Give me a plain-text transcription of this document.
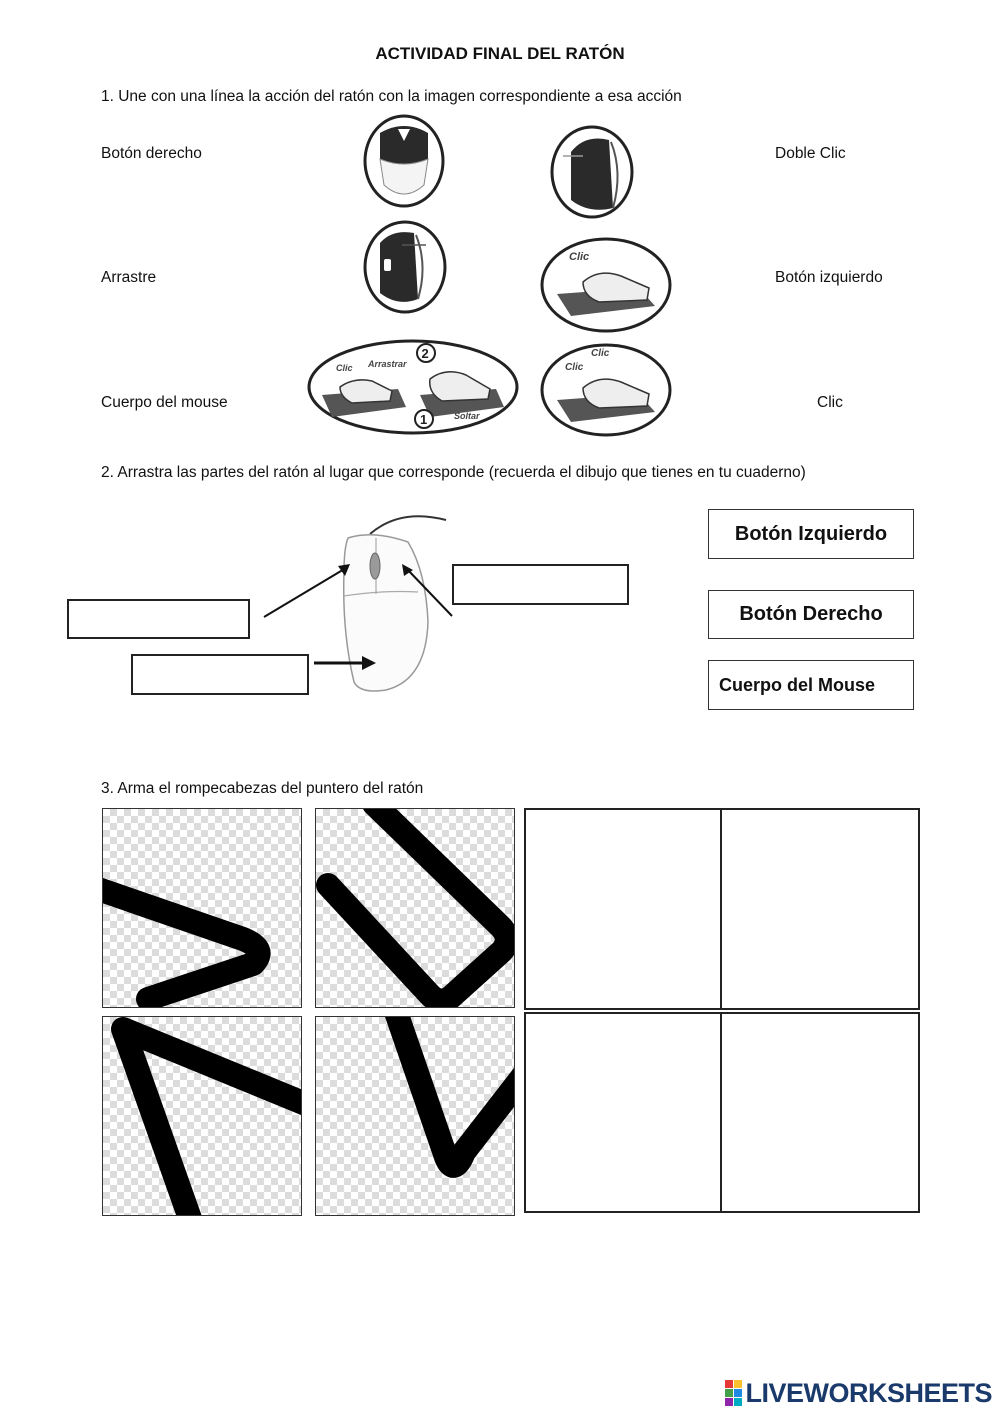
ACTIVIDAD FINAL DEL RATÓN
1. Une con una línea la acción del ratón con la imagen correspondiente a esa acción
Botón derecho
Arrastre
Cuerpo del mouse
Doble Clic
Botón izquierdo
Clic
Clic
2
1
Clic Arrastrar
Soltar
Clic
Clic
2. Arrastra las partes del ratón al lugar que corresponde (recuerda el dibujo que tienes en tu cuaderno)
Botón Izquierdo
Botón Derecho
Cuerpo del Mouse
3. Arma el rompecabezas del puntero del ratón
LIVEWORKSHEETS
